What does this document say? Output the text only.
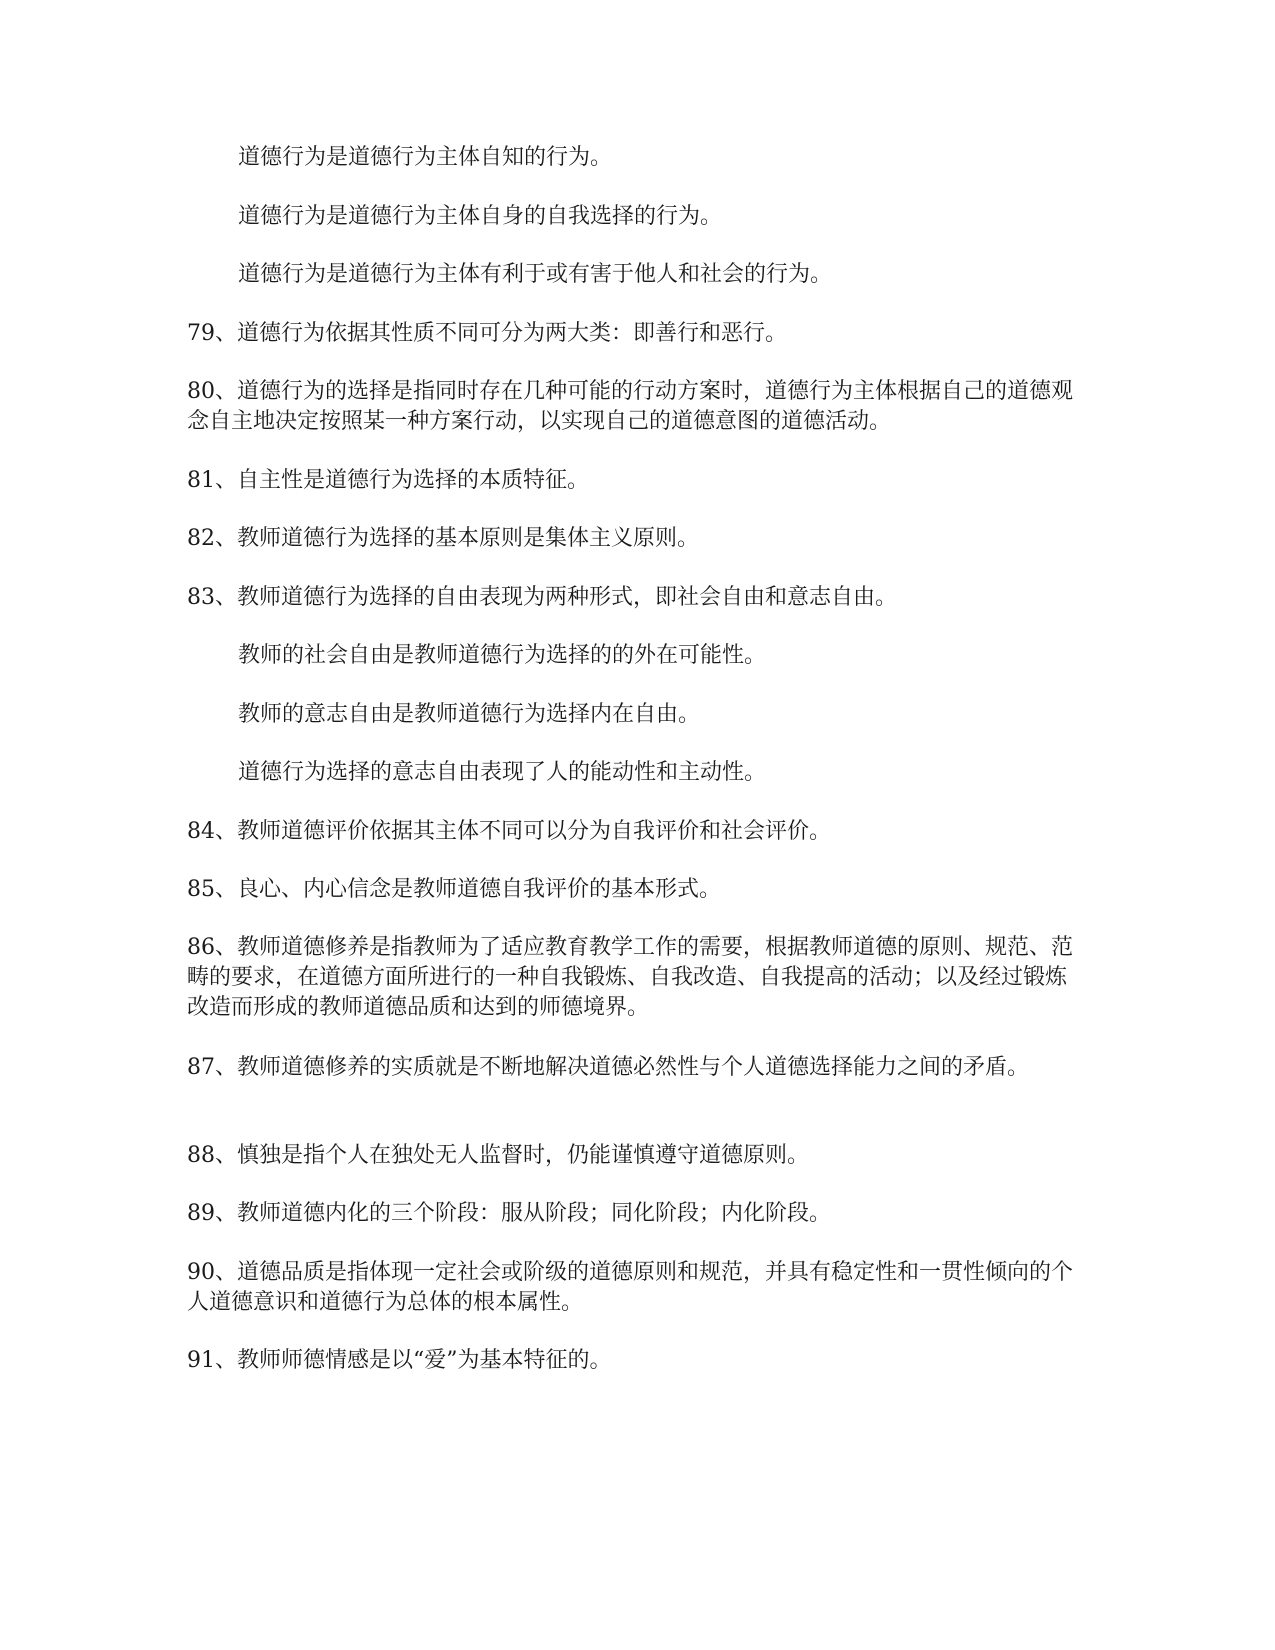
道德行为是道德行为主体自知的行为。

道德行为是道德行为主体自身的自我选择的行为。

道德行为是道德行为主体有利于或有害于他人和社会的行为。

79、道德行为依据其性质不同可分为两大类：即善行和恶行。

80、道德行为的选择是指同时存在几种可能的行动方案时，道德行为主体根据自己的道德观念自主地决定按照某一种方案行动，以实现自己的道德意图的道德活动。

81、自主性是道德行为选择的本质特征。

82、教师道德行为选择的基本原则是集体主义原则。

83、教师道德行为选择的自由表现为两种形式，即社会自由和意志自由。

教师的社会自由是教师道德行为选择的的外在可能性。

教师的意志自由是教师道德行为选择内在自由。

道德行为选择的意志自由表现了人的能动性和主动性。

84、教师道德评价依据其主体不同可以分为自我评价和社会评价。

85、良心、内心信念是教师道德自我评价的基本形式。

86、教师道德修养是指教师为了适应教育教学工作的需要，根据教师道德的原则、规范、范畴的要求，在道德方面所进行的一种自我锻炼、自我改造、自我提高的活动；以及经过锻炼改造而形成的教师道德品质和达到的师德境界。

87、教师道德修养的实质就是不断地解决道德必然性与个人道德选择能力之间的矛盾。

88、慎独是指个人在独处无人监督时，仍能谨慎遵守道德原则。

89、教师道德内化的三个阶段：服从阶段；同化阶段；内化阶段。

90、道德品质是指体现一定社会或阶级的道德原则和规范，并具有稳定性和一贯性倾向的个人道德意识和道德行为总体的根本属性。

91、教师师德情感是以“爱”为基本特征的。
